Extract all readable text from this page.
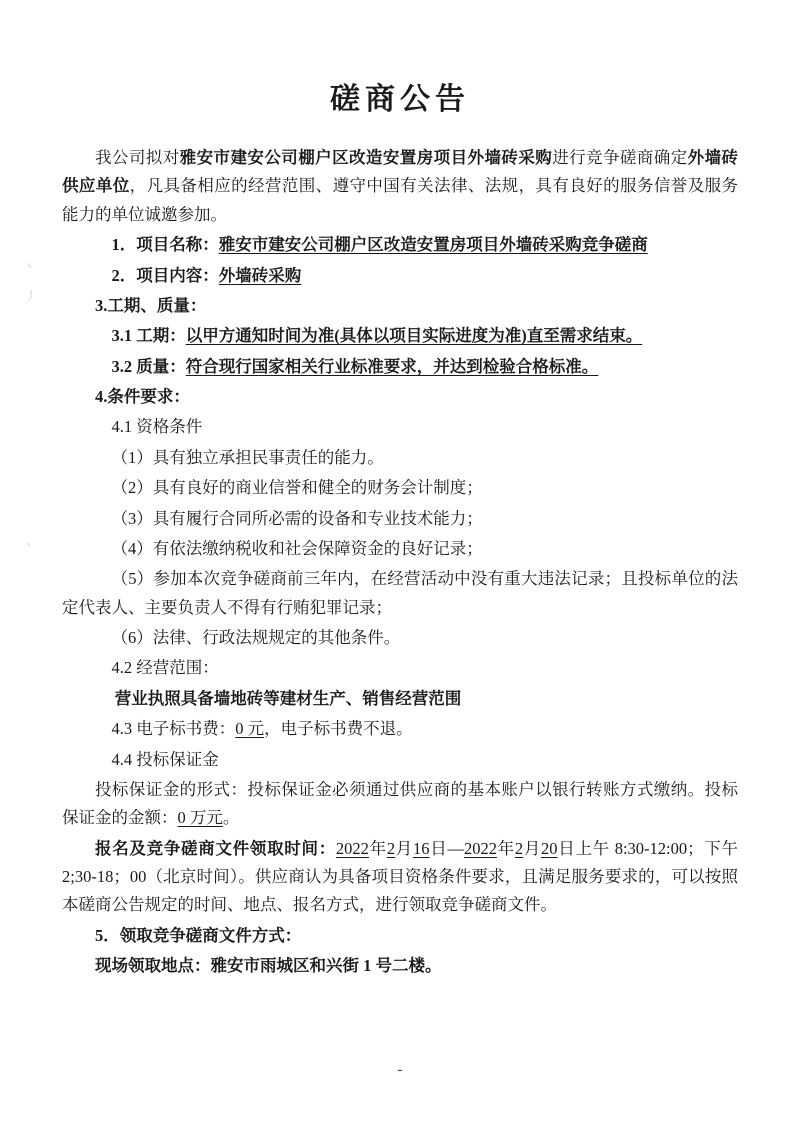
丶
丿
、
磋商公告

我公司拟对雅安市建安公司棚户区改造安置房项目外墙砖采购进行竞争磋商确定外墙砖供应单位，凡具备相应的经营范围、遵守中国有关法律、法规，具有良好的服务信誉及服务能力的单位诚邀参加。

1．项目名称：雅安市建安公司棚户区改造安置房项目外墙砖采购竞争磋商

2．项目内容：外墙砖采购

3.工期、质量：

3.1 工期：以甲方通知时间为准(具体以项目实际进度为准)直至需求结束。

3.2 质量：符合现行国家相关行业标准要求，并达到检验合格标准。

4.条件要求：

4.1 资格条件

（1）具有独立承担民事责任的能力。

（2）具有良好的商业信誉和健全的财务会计制度；

（3）具有履行合同所必需的设备和专业技术能力；

（4）有依法缴纳税收和社会保障资金的良好记录；

（5）参加本次竞争磋商前三年内，在经营活动中没有重大违法记录；且投标单位的法定代表人、主要负责人不得有行贿犯罪记录；

（6）法律、行政法规规定的其他条件。

4.2 经营范围：

营业执照具备墙地砖等建材生产、销售经营范围

4.3 电子标书费：0 元，电子标书费不退。

4.4 投标保证金

投标保证金的形式：投标保证金必须通过供应商的基本账户以银行转账方式缴纳。投标保证金的金额：0 万元。

报名及竞争磋商文件领取时间：2022年2月16日—2022年2月20日上午 8:30-12:00；下午 2;30-18；00（北京时间）。供应商认为具备项目资格条件要求，且满足服务要求的，可以按照本磋商公告规定的时间、地点、报名方式，进行领取竞争磋商文件。

5．领取竞争磋商文件方式：

现场领取地点：雅安市雨城区和兴街 1 号二楼。

-
